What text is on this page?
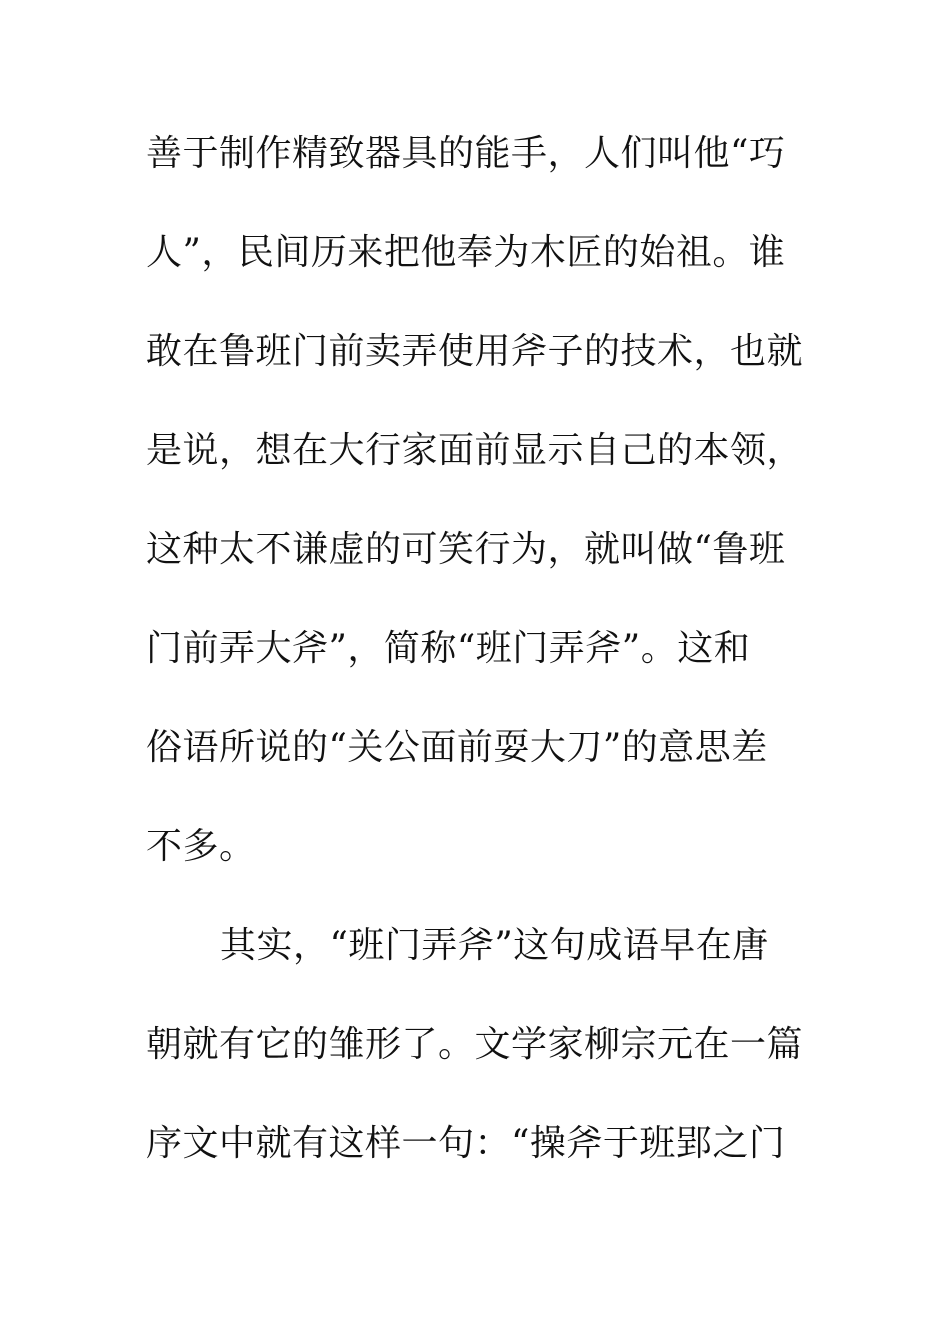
善于制作精致器具的能手，人们叫他“巧
人”，民间历来把他奉为木匠的始祖。谁
敢在鲁班门前卖弄使用斧子的技术，也就
是说，想在大行家面前显示自己的本领，
这种太不谦虚的可笑行为，就叫做“鲁班
门前弄大斧”，简称“班门弄斧”。这和
俗语所说的“关公面前耍大刀”的意思差
不多。
其实，“班门弄斧”这句成语早在唐
朝就有它的雏形了。文学家柳宗元在一篇
序文中就有这样一句：“操斧于班郢之门
